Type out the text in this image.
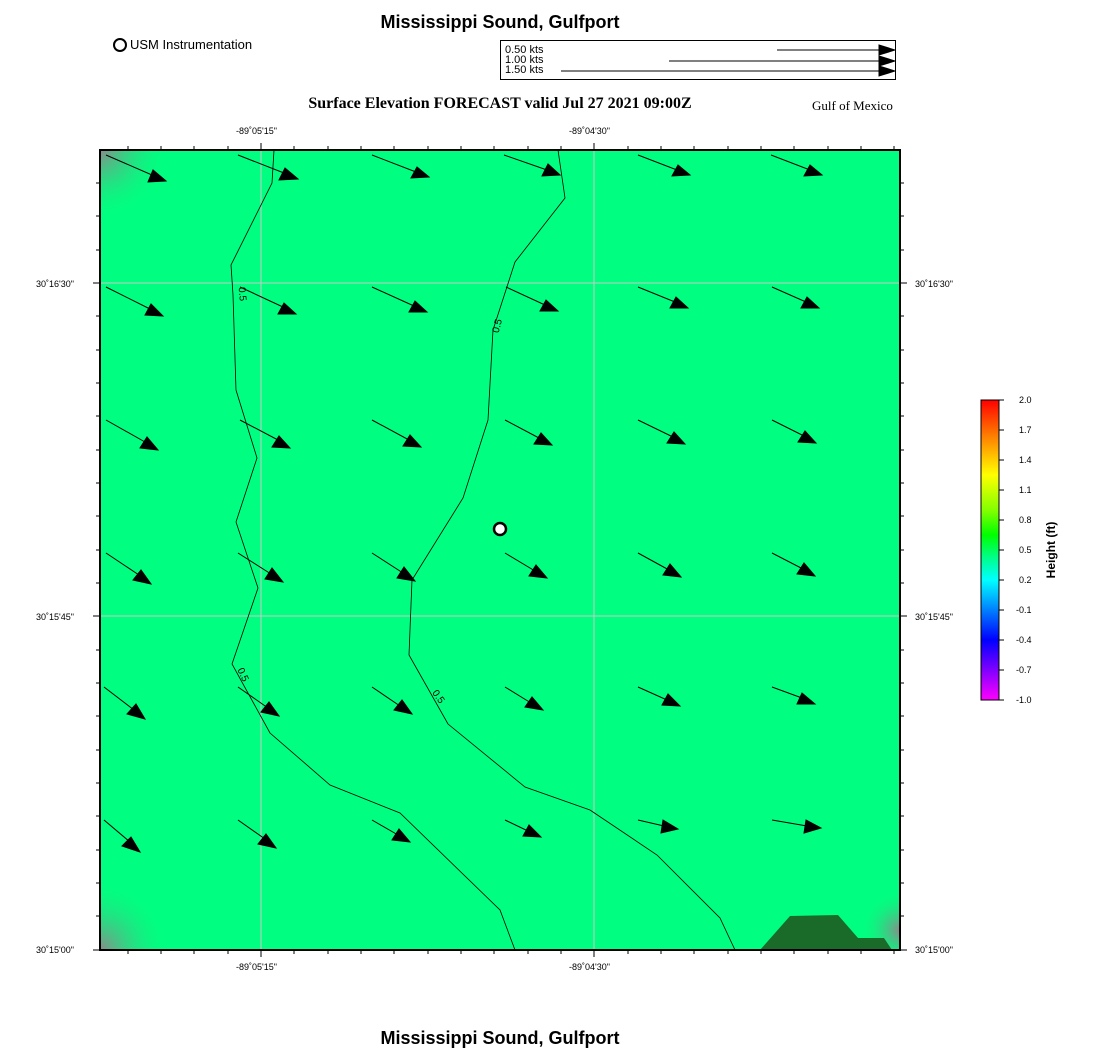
Mississippi Sound, Gulfport
USM Instrumentation	0.50 kts
1.00 kts
1.50 kts
Surface Elevation FORECAST valid Jul 27 2021 09:00Z	Gulf of Mexico
-89˚05'15"	-89˚04'30"
-89˚05'15"	-89˚04'30"
30˚16'30"
30˚15'45"
30˚15'00"
30˚16'30"
30˚15'45"
30˚15'00"
0.5
0.5
0.5
0.5
2.0
1.7
1.4
1.1
0.8
0.5
0.2
-0.1
-0.4
-0.7
-1.0
Height (ft)
Mississippi Sound, Gulfport
